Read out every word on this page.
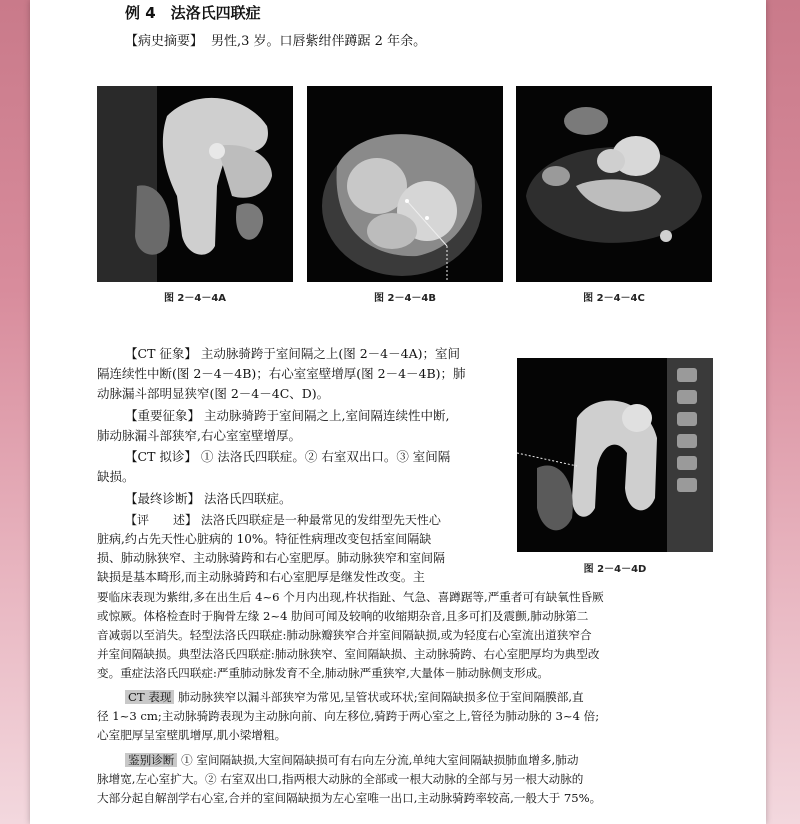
例 4　法洛氏四联症
【病史摘要】 男性,3 岁。口唇紫绀伴蹲踞 2 年余。
图 2－4－4A	图 2－4－4B	图 2－4－4C
图 2－4－4D
【CT 征象】 主动脉骑跨于室间隔之上(图 2－4－4A)；室间
隔连续性中断(图 2－4－4B)；右心室室壁增厚(图 2－4－4B)；肺
动脉漏斗部明显狭窄(图 2－4－4C、D)。
【重要征象】 主动脉骑跨于室间隔之上,室间隔连续性中断,
肺动脉漏斗部狭窄,右心室室壁增厚。
【CT 拟诊】 ① 法洛氏四联症。② 右室双出口。③ 室间隔
缺损。
【最终诊断】 法洛氏四联症。
【评　　述】 法洛氏四联症是一种最常见的发绀型先天性心
脏病,约占先天性心脏病的 10%。特征性病理改变包括室间隔缺
损、肺动脉狭窄、主动脉骑跨和右心室肥厚。肺动脉狭窄和室间隔
缺损是基本畸形,而主动脉骑跨和右心室肥厚是继发性改变。主
要临床表现为紫绀,多在出生后 4~6 个月内出现,杵状指趾、气急、喜蹲踞等,严重者可有缺氧性昏厥
或惊厥。体格检查时于胸骨左缘 2~4 肋间可闻及较响的收缩期杂音,且多可扪及震颤,肺动脉第二
音减弱以至消失。轻型法洛氏四联症:肺动脉瓣狭窄合并室间隔缺损,或为轻度右心室流出道狭窄合
并室间隔缺损。典型法洛氏四联症:肺动脉狭窄、室间隔缺损、主动脉骑跨、右心室肥厚均为典型改
变。重症法洛氏四联症:严重肺动脉发育不全,肺动脉严重狭窄,大量体－肺动脉侧支形成。
CT 表现 肺动脉狭窄以漏斗部狭窄为常见,呈管状或环状;室间隔缺损多位于室间隔膜部,直
径 1~3 cm;主动脉骑跨表现为主动脉向前、向左移位,骑跨于两心室之上,管径为肺动脉的 3~4 倍;
心室肥厚呈室壁肌增厚,肌小梁增粗。
鉴别诊断 ① 室间隔缺损,大室间隔缺损可有右向左分流,单纯大室间隔缺损肺血增多,肺动
脉增宽,左心室扩大。② 右室双出口,指两根大动脉的全部或一根大动脉的全部与另一根大动脉的
大部分起自解剖学右心室,合并的室间隔缺损为左心室唯一出口,主动脉骑跨率较高,一般大于 75%。
